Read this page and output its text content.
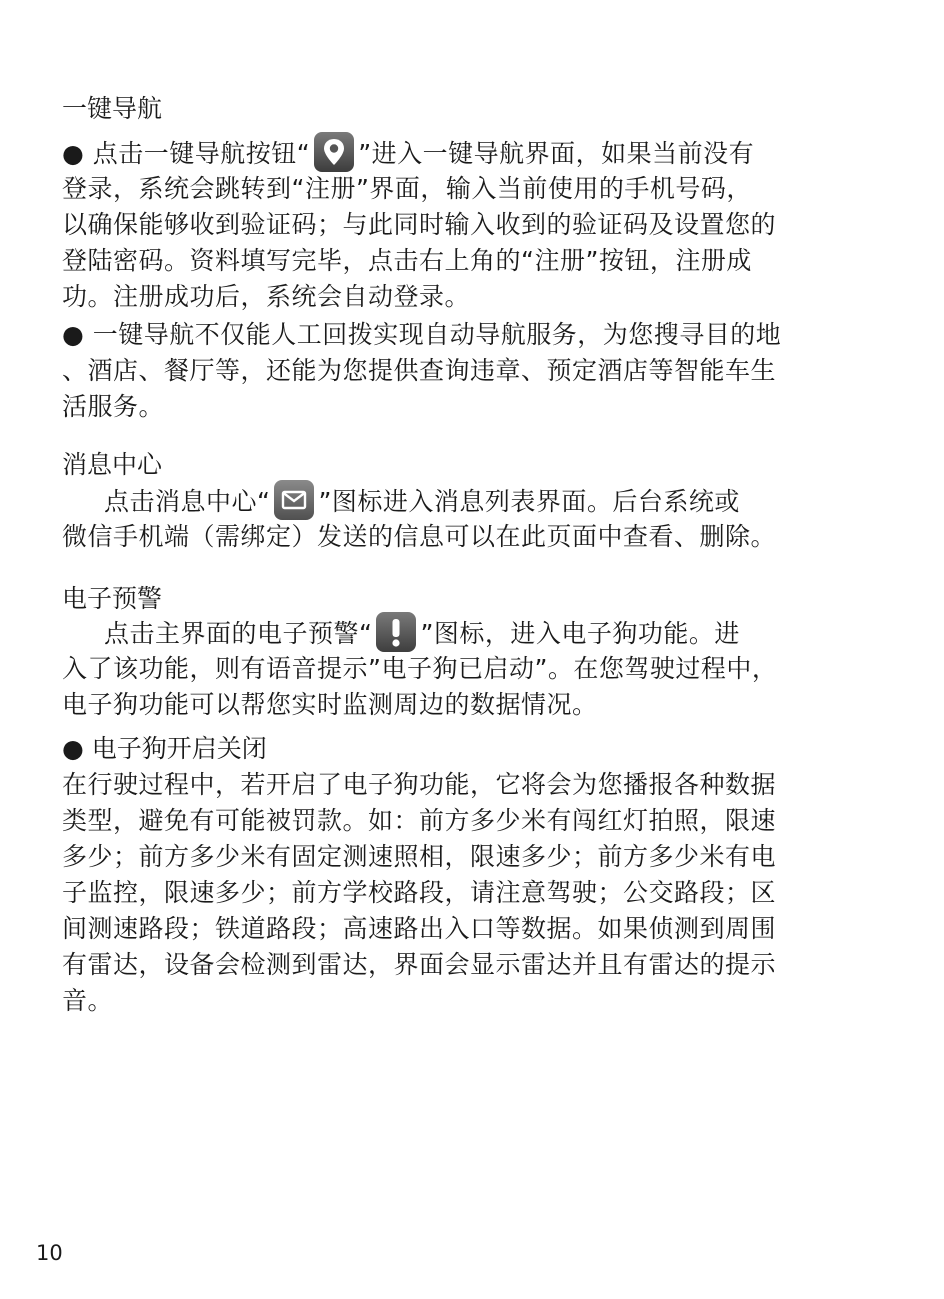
一键导航
● 点击一键导航按钮“ ”进入一键导航界面，如果当前没有
登录，系统会跳转到“注册”界面，输入当前使用的手机号码，
以确保能够收到验证码；与此同时输入收到的验证码及设置您的
登陆密码。资料填写完毕，点击右上角的“注册”按钮，注册成
功。注册成功后，系统会自动登录。
● 一键导航不仅能人工回拨实现自动导航服务，为您搜寻目的地
、酒店、餐厅等，还能为您提供查询违章、预定酒店等智能车生
活服务。
消息中心
点击消息中心“ ”图标进入消息列表界面。后台系统或
微信手机端（需绑定）发送的信息可以在此页面中查看、删除。
电子预警
点击主界面的电子预警“ ”图标，进入电子狗功能。进
入了该功能，则有语音提示”电子狗已启动”。在您驾驶过程中，
电子狗功能可以帮您实时监测周边的数据情况。
● 电子狗开启关闭
在行驶过程中，若开启了电子狗功能，它将会为您播报各种数据
类型，避免有可能被罚款。如：前方多少米有闯红灯拍照，限速
多少；前方多少米有固定测速照相，限速多少；前方多少米有电
子监控，限速多少；前方学校路段，请注意驾驶；公交路段；区
间测速路段；铁道路段；高速路出入口等数据。如果侦测到周围
有雷达，设备会检测到雷达，界面会显示雷达并且有雷达的提示
音。
10
